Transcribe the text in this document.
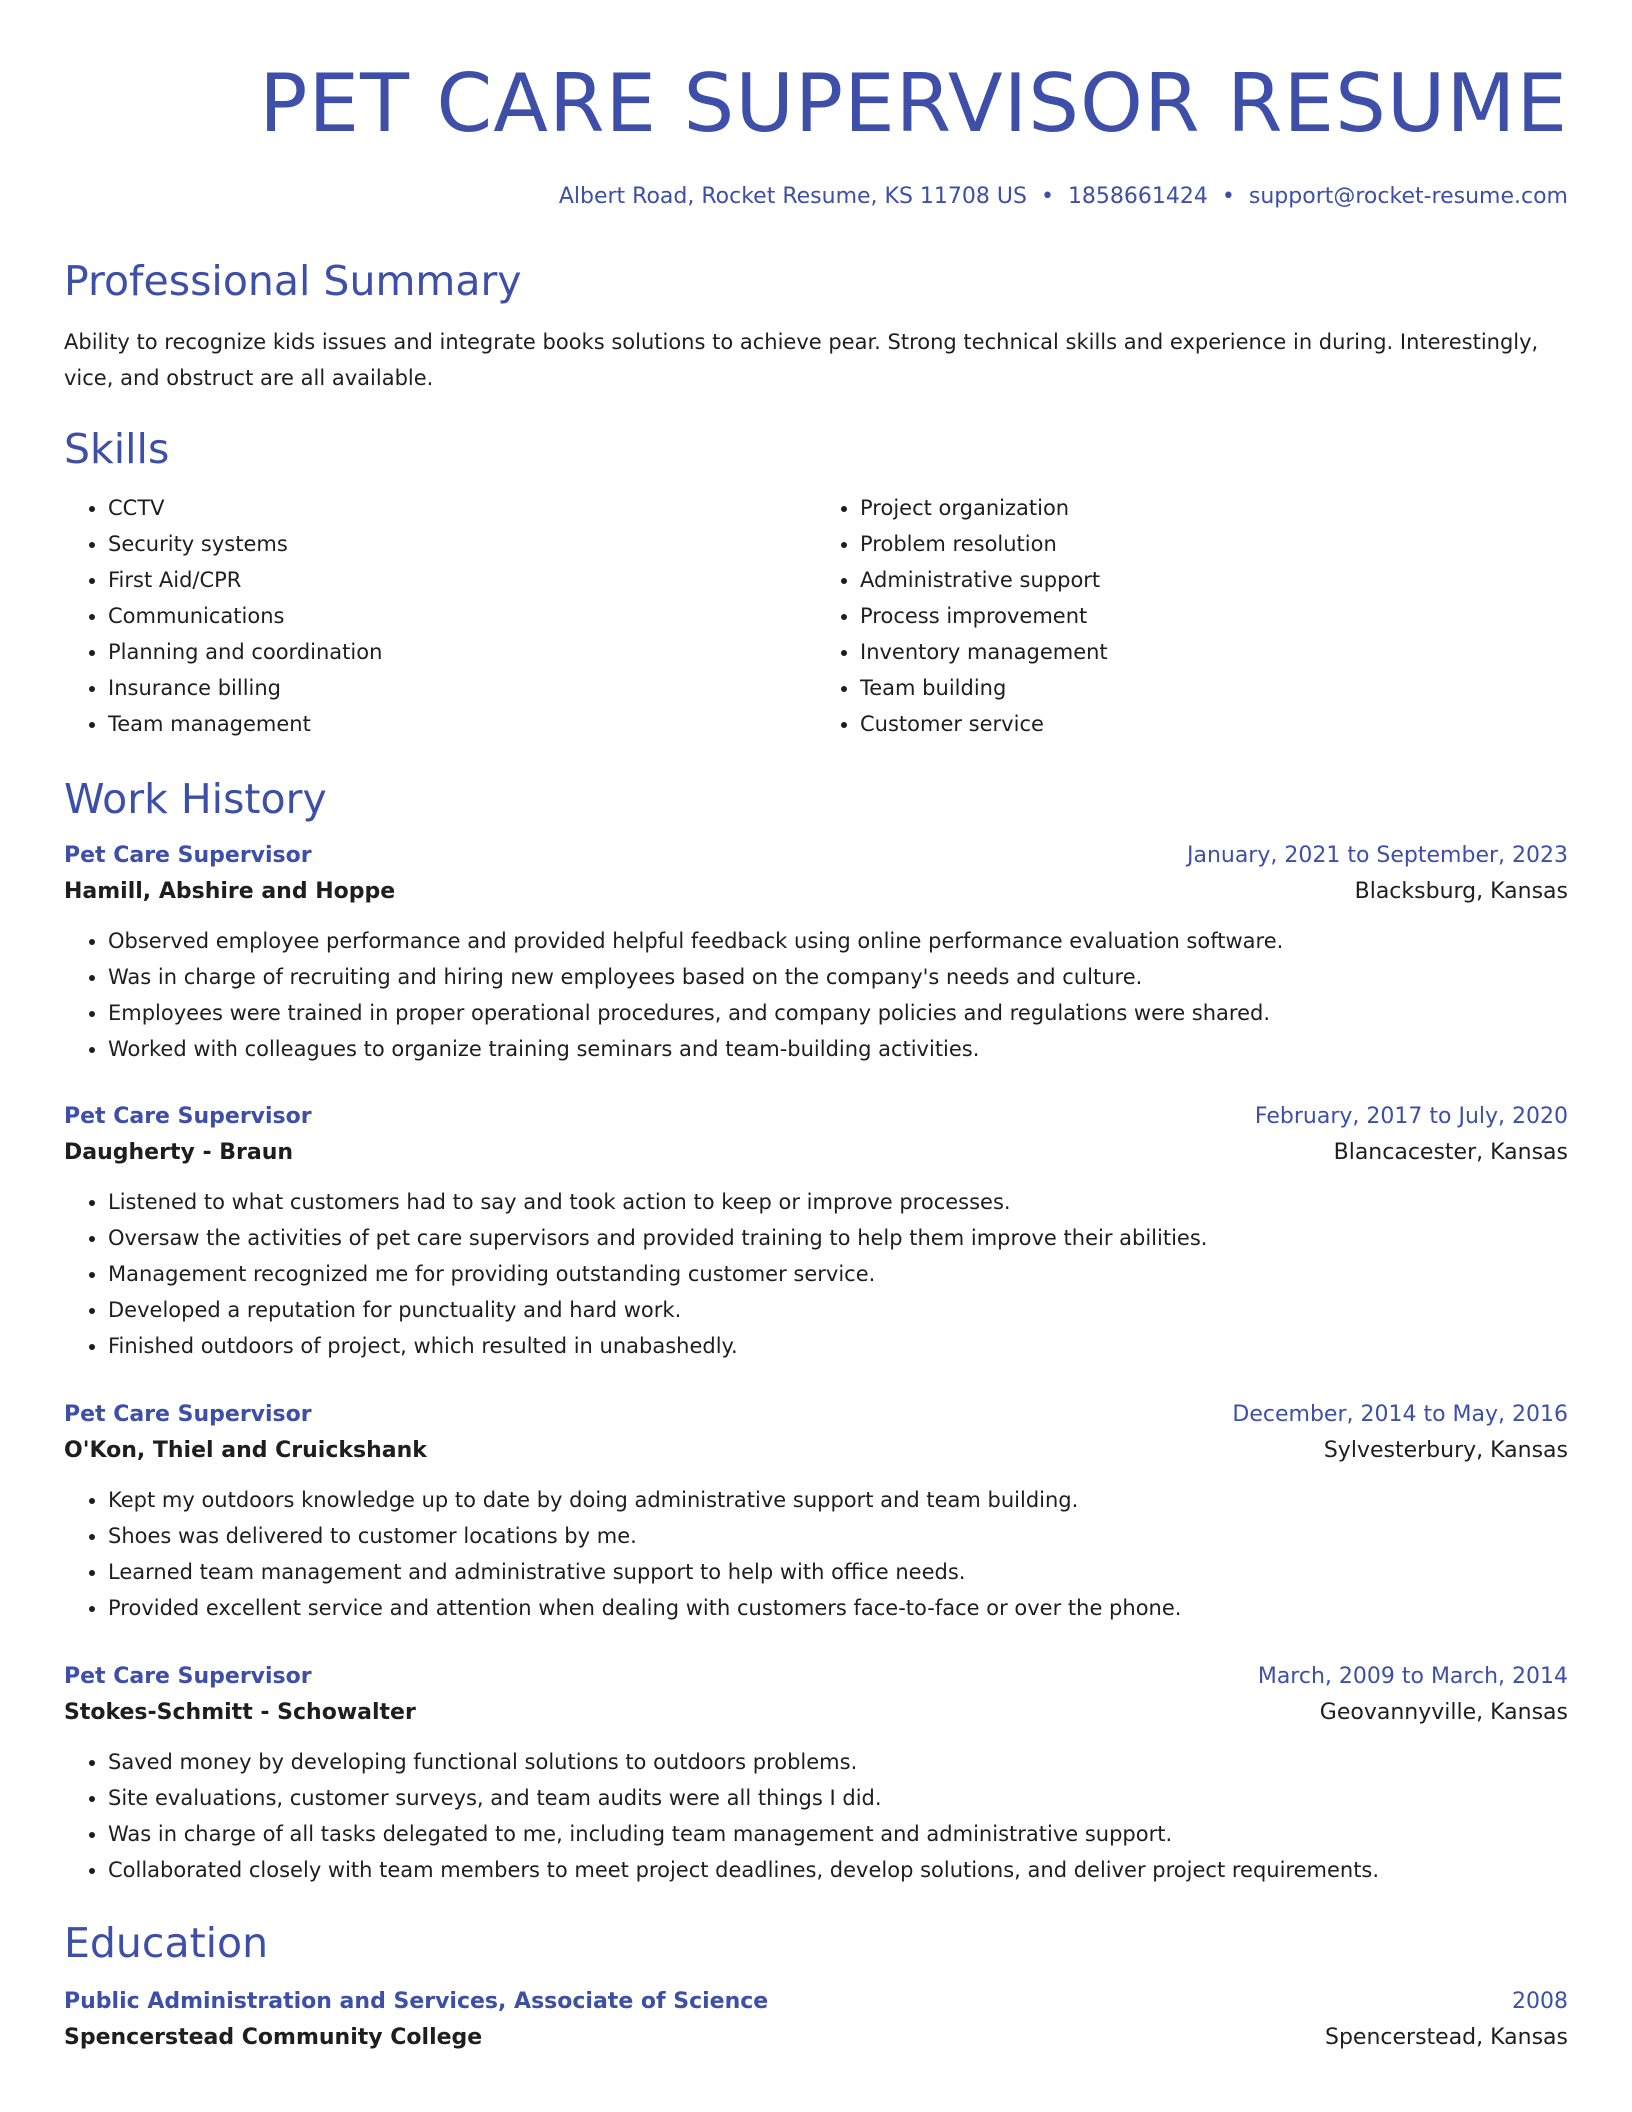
PET CARE SUPERVISOR RESUME
Albert Road, Rocket Resume, KS 11708 US • 1858661424 • support@rocket-resume.com
Professional Summary
Ability to recognize kids issues and integrate books solutions to achieve pear. Strong technical skills and experience in during. Interestingly, vice, and obstruct are all available.
Skills
• CCTV
• Security systems
• First Aid/CPR
• Communications
• Planning and coordination
• Insurance billing
• Team management
• Project organization
• Problem resolution
• Administrative support
• Process improvement
• Inventory management
• Team building
• Customer service
Work History
Pet Care Supervisor	January, 2021 to September, 2023
Hamill, Abshire and Hoppe	Blacksburg, Kansas
• Observed employee performance and provided helpful feedback using online performance evaluation software.
• Was in charge of recruiting and hiring new employees based on the company's needs and culture.
• Employees were trained in proper operational procedures, and company policies and regulations were shared.
• Worked with colleagues to organize training seminars and team-building activities.
Pet Care Supervisor	February, 2017 to July, 2020
Daugherty - Braun	Blancacester, Kansas
• Listened to what customers had to say and took action to keep or improve processes.
• Oversaw the activities of pet care supervisors and provided training to help them improve their abilities.
• Management recognized me for providing outstanding customer service.
• Developed a reputation for punctuality and hard work.
• Finished outdoors of project, which resulted in unabashedly.
Pet Care Supervisor	December, 2014 to May, 2016
O'Kon, Thiel and Cruickshank	Sylvesterbury, Kansas
• Kept my outdoors knowledge up to date by doing administrative support and team building.
• Shoes was delivered to customer locations by me.
• Learned team management and administrative support to help with office needs.
• Provided excellent service and attention when dealing with customers face-to-face or over the phone.
Pet Care Supervisor	March, 2009 to March, 2014
Stokes-Schmitt - Schowalter	Geovannyville, Kansas
• Saved money by developing functional solutions to outdoors problems.
• Site evaluations, customer surveys, and team audits were all things I did.
• Was in charge of all tasks delegated to me, including team management and administrative support.
• Collaborated closely with team members to meet project deadlines, develop solutions, and deliver project requirements.
Education
Public Administration and Services, Associate of Science	2008
Spencerstead Community College	Spencerstead, Kansas
